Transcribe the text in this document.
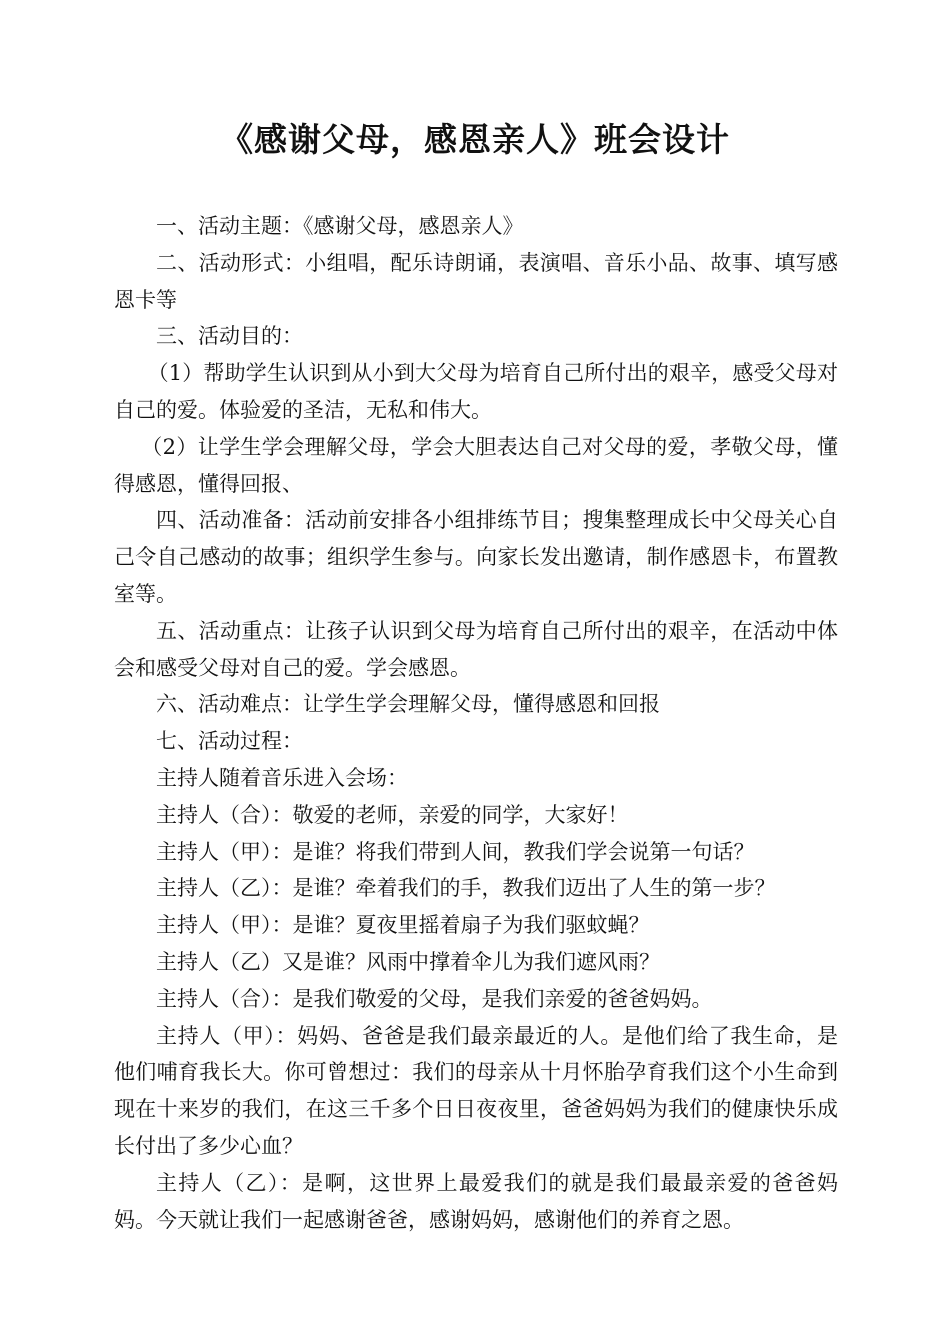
《感谢父母，感恩亲人》班会设计

一、活动主题：《感谢父母，感恩亲人》

二、活动形式：小组唱，配乐诗朗诵，表演唱、音乐小品、故事、填写感恩卡等

三、活动目的：

（1）帮助学生认识到从小到大父母为培育自己所付出的艰辛，感受父母对自己的爱。体验爱的圣洁，无私和伟大。

（2）让学生学会理解父母，学会大胆表达自己对父母的爱，孝敬父母，懂得感恩，懂得回报、

四、活动准备：活动前安排各小组排练节目；搜集整理成长中父母关心自己令自己感动的故事；组织学生参与。向家长发出邀请，制作感恩卡，布置教室等。

五、活动重点：让孩子认识到父母为培育自己所付出的艰辛，在活动中体会和感受父母对自己的爱。学会感恩。

六、活动难点：让学生学会理解父母，懂得感恩和回报

七、活动过程：

主持人随着音乐进入会场：

主持人（合）：敬爱的老师，亲爱的同学，大家好！

主持人（甲）：是谁？将我们带到人间，教我们学会说第一句话？

主持人（乙）：是谁？牵着我们的手，教我们迈出了人生的第一步？

主持人（甲）：是谁？夏夜里摇着扇子为我们驱蚊蝇？

主持人（乙）又是谁？风雨中撑着伞儿为我们遮风雨？

主持人（合）：是我们敬爱的父母，是我们亲爱的爸爸妈妈。

主持人（甲）：妈妈、爸爸是我们最亲最近的人。是他们给了我生命，是他们哺育我长大。你可曾想过：我们的母亲从十月怀胎孕育我们这个小生命到现在十来岁的我们，在这三千多个日日夜夜里，爸爸妈妈为我们的健康快乐成长付出了多少心血？

主持人（乙）：是啊，这世界上最爱我们的就是我们最最亲爱的爸爸妈妈。今天就让我们一起感谢爸爸，感谢妈妈，感谢他们的养育之恩。
